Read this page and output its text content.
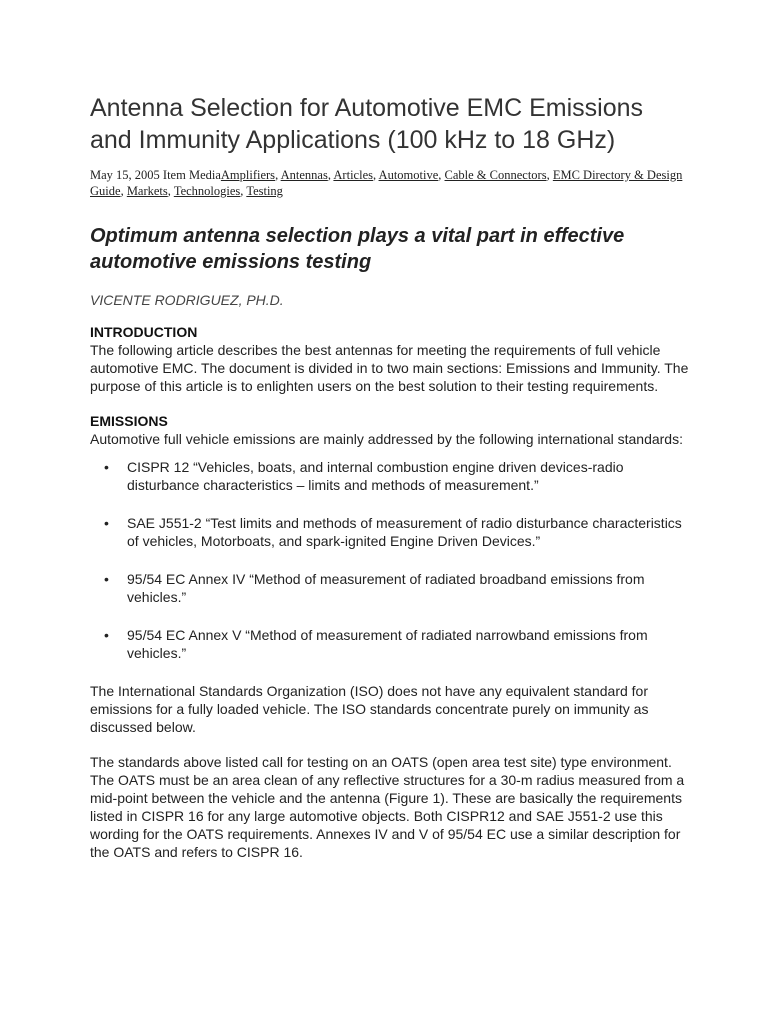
Antenna Selection for Automotive EMC Emissions and Immunity Applications (100 kHz to 18 GHz)
May 15, 2005 Item MediaAmplifiers, Antennas, Articles, Automotive, Cable & Connectors, EMC Directory & Design Guide, Markets, Technologies, Testing
Optimum antenna selection plays a vital part in effective automotive emissions testing

VICENTE RODRIGUEZ, PH.D.

INTRODUCTION

The following article describes the best antennas for meeting the requirements of full vehicle automotive EMC. The document is divided in to two main sections: Emissions and Immunity. The purpose of this article is to enlighten users on the best solution to their testing requirements.

EMISSIONS

Automotive full vehicle emissions are mainly addressed by the following international standards:

• CISPR 12 “Vehicles, boats, and internal combustion engine driven devices-radio disturbance characteristics – limits and methods of measurement.”
• SAE J551-2 “Test limits and methods of measurement of radio disturbance characteristics of vehicles, Motorboats, and spark-ignited Engine Driven Devices.”
• 95/54 EC Annex IV “Method of measurement of radiated broadband emissions from vehicles.”
• 95/54 EC Annex V “Method of measurement of radiated narrowband emissions from vehicles.”

The International Standards Organization (ISO) does not have any equivalent standard for emissions for a fully loaded vehicle. The ISO standards concentrate purely on immunity as discussed below.

The standards above listed call for testing on an OATS (open area test site) type environment. The OATS must be an area clean of any reflective structures for a 30-m radius measured from a mid-point between the vehicle and the antenna (Figure 1). These are basically the requirements listed in CISPR 16 for any large automotive objects. Both CISPR12 and SAE J551-2 use this wording for the OATS requirements. Annexes IV and V of 95/54 EC use a similar description for the OATS and refers to CISPR 16.
